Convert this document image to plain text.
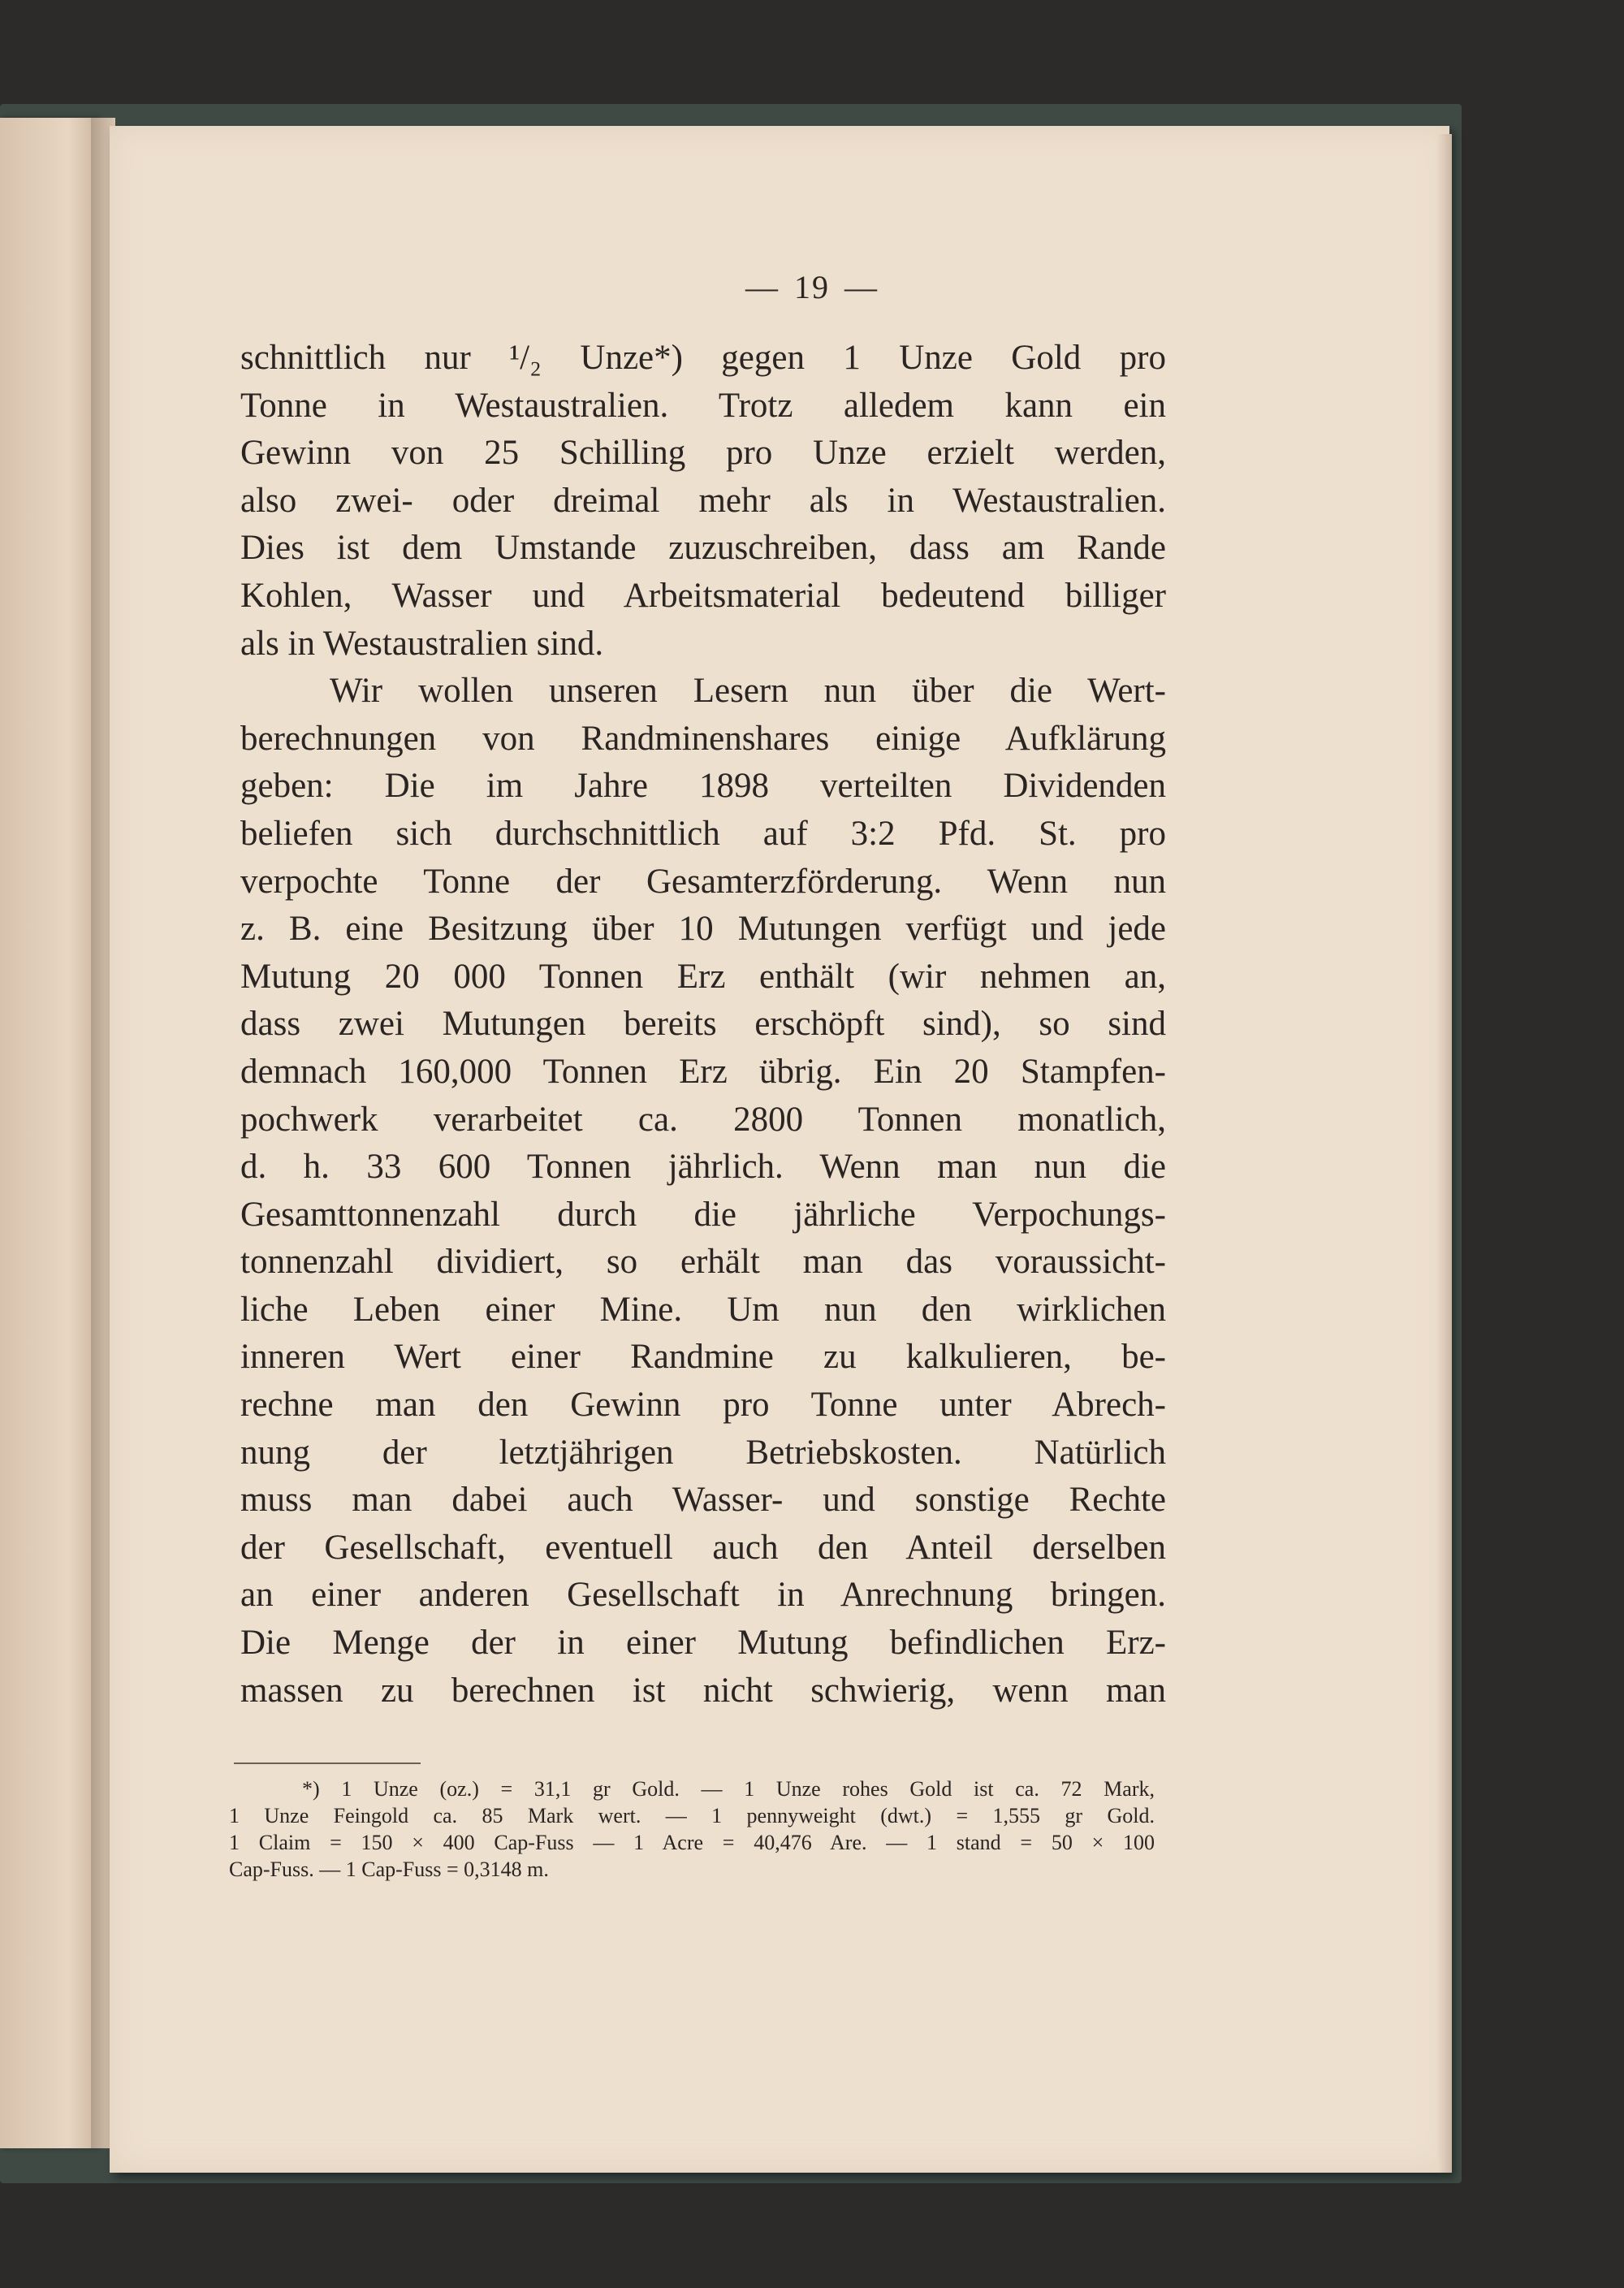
— 19 —
schnittlich nur ¹/₂ Unze*) gegen 1 Unze Gold pro
Tonne in Westaustralien. Trotz alledem kann ein
Gewinn von 25 Schilling pro Unze erzielt werden,
also zwei- oder dreimal mehr als in Westaustralien.
Dies ist dem Umstande zuzuschreiben, dass am Rande
Kohlen, Wasser und Arbeitsmaterial bedeutend billiger
als in Westaustralien sind.
Wir wollen unseren Lesern nun über die Wert-
berechnungen von Randminenshares einige Aufklärung
geben: Die im Jahre 1898 verteilten Dividenden
beliefen sich durchschnittlich auf 3:2 Pfd. St. pro
verpochte Tonne der Gesamterzförderung. Wenn nun
z. B. eine Besitzung über 10 Mutungen verfügt und jede
Mutung 20 000 Tonnen Erz enthält (wir nehmen an,
dass zwei Mutungen bereits erschöpft sind), so sind
demnach 160,000 Tonnen Erz übrig. Ein 20 Stampfen-
pochwerk verarbeitet ca. 2800 Tonnen monatlich,
d. h. 33 600 Tonnen jährlich. Wenn man nun die
Gesamttonnenzahl durch die jährliche Verpochungs-
tonnenzahl dividiert, so erhält man das voraussicht-
liche Leben einer Mine. Um nun den wirklichen
inneren Wert einer Randmine zu kalkulieren, be-
rechne man den Gewinn pro Tonne unter Abrech-
nung der letztjährigen Betriebskosten. Natürlich
muss man dabei auch Wasser- und sonstige Rechte
der Gesellschaft, eventuell auch den Anteil derselben
an einer anderen Gesellschaft in Anrechnung bringen.
Die Menge der in einer Mutung befindlichen Erz-
massen zu berechnen ist nicht schwierig, wenn man
*) 1 Unze (oz.) = 31,1 gr Gold. — 1 Unze rohes Gold ist ca. 72 Mark,
1 Unze Feingold ca. 85 Mark wert. — 1 pennyweight (dwt.) = 1,555 gr Gold.
1 Claim = 150 × 400 Cap-Fuss — 1 Acre = 40,476 Are. — 1 stand = 50 × 100
Cap-Fuss. — 1 Cap-Fuss = 0,3148 m.
